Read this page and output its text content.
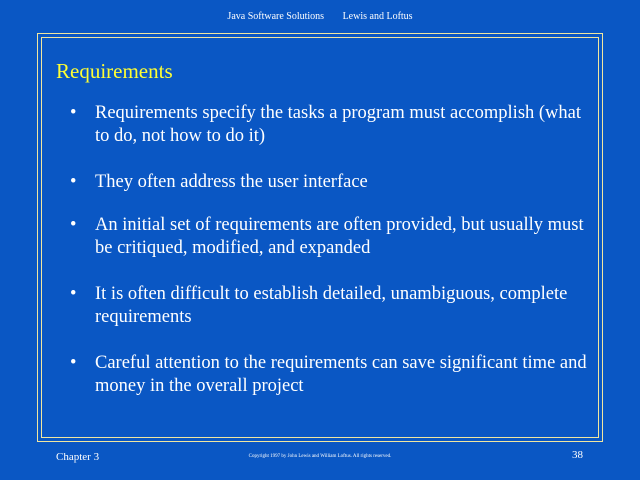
Java Software Solutions Lewis and Loftus
Requirements
• Requirements specify the tasks a program must accomplish (what to do, not how to do it)
• They often address the user interface
• An initial set of requirements are often provided, but usually must be critiqued, modified, and expanded
• It is often difficult to establish detailed, unambiguous, complete requirements
• Careful attention to the requirements can save significant time and money in the overall project
Chapter 3	Copyright 1997 by John Lewis and William Loftus. All rights reserved.	38
